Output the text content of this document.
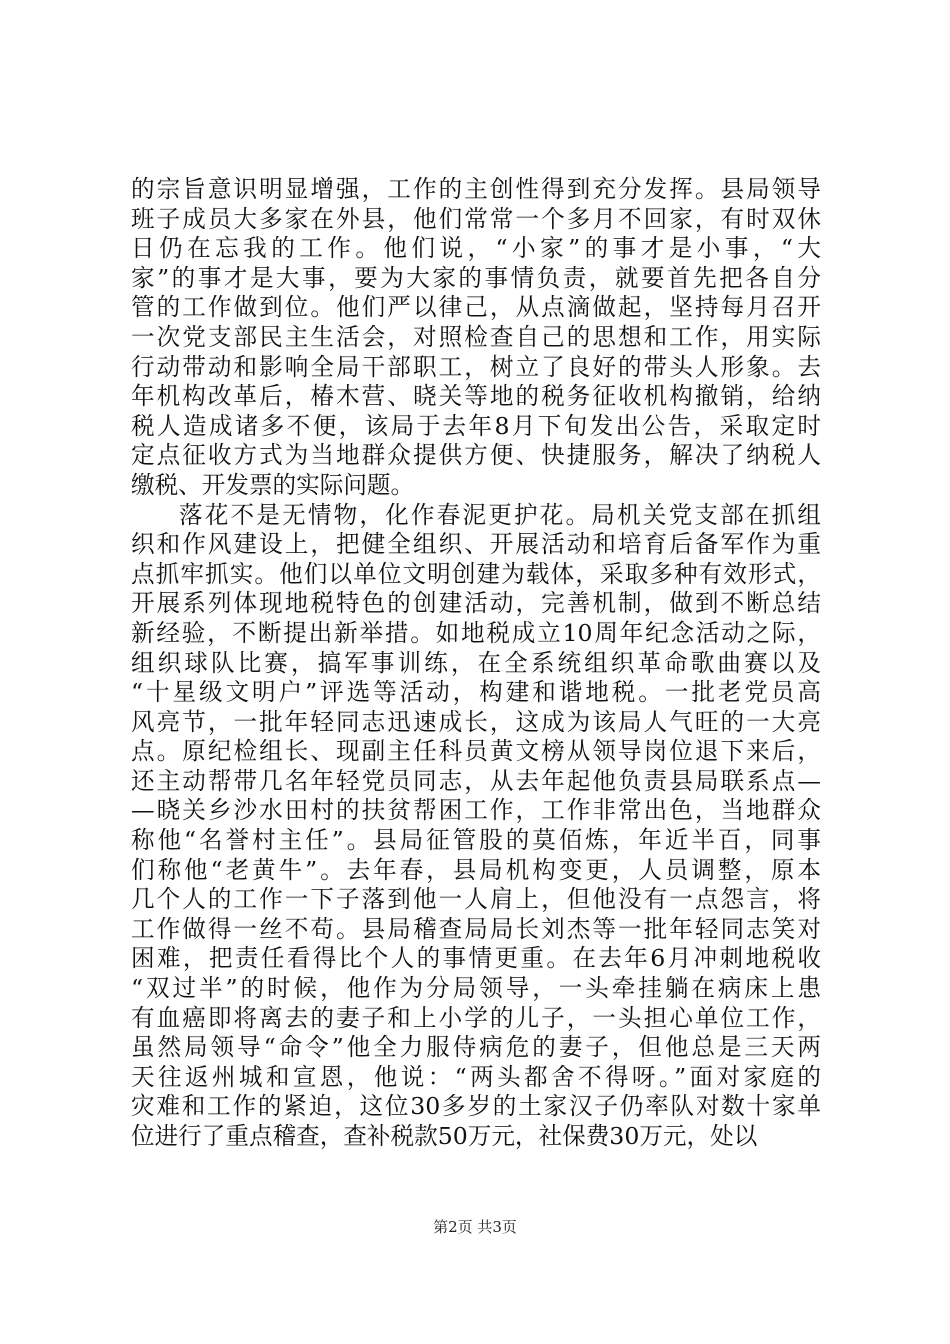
的宗旨意识明显增强，工作的主创性得到充分发挥。县局领导
班子成员大多家在外县，他们常常一个多月不回家，有时双休
日仍在忘我的工作。他们说，“小家”的事才是小事，“大
家”的事才是大事，要为大家的事情负责，就要首先把各自分
管的工作做到位。他们严以律己，从点滴做起，坚持每月召开
一次党支部民主生活会，对照检查自己的思想和工作，用实际
行动带动和影响全局干部职工，树立了良好的带头人形象。去
年机构改革后，椿木营、晓关等地的税务征收机构撤销，给纳
税人造成诸多不便，该局于去年8月下旬发出公告，采取定时
定点征收方式为当地群众提供方便、快捷服务，解决了纳税人
缴税、开发票的实际问题。
落花不是无情物，化作春泥更护花。局机关党支部在抓组
织和作风建设上，把健全组织、开展活动和培育后备军作为重
点抓牢抓实。他们以单位文明创建为载体，采取多种有效形式，
开展系列体现地税特色的创建活动，完善机制，做到不断总结
新经验，不断提出新举措。如地税成立10周年纪念活动之际，
组织球队比赛，搞军事训练，在全系统组织革命歌曲赛以及
“十星级文明户”评选等活动，构建和谐地税。一批老党员高
风亮节，一批年轻同志迅速成长，这成为该局人气旺的一大亮
点。原纪检组长、现副主任科员黄文榜从领导岗位退下来后，
还主动帮带几名年轻党员同志，从去年起他负责县局联系点—
—晓关乡沙水田村的扶贫帮困工作，工作非常出色，当地群众
称他“名誉村主任”。县局征管股的莫佰炼，年近半百，同事
们称他“老黄牛”。去年春，县局机构变更，人员调整，原本
几个人的工作一下子落到他一人肩上，但他没有一点怨言，将
工作做得一丝不苟。县局稽查局局长刘杰等一批年轻同志笑对
困难，把责任看得比个人的事情更重。在去年6月冲刺地税收
“双过半”的时候，他作为分局领导，一头牵挂躺在病床上患
有血癌即将离去的妻子和上小学的儿子，一头担心单位工作，
虽然局领导“命令”他全力服侍病危的妻子，但他总是三天两
天往返州城和宣恩，他说：“两头都舍不得呀。”面对家庭的
灾难和工作的紧迫，这位30多岁的土家汉子仍率队对数十家单
位进行了重点稽查，查补税款50万元，社保费30万元，处以
第2页 共3页
